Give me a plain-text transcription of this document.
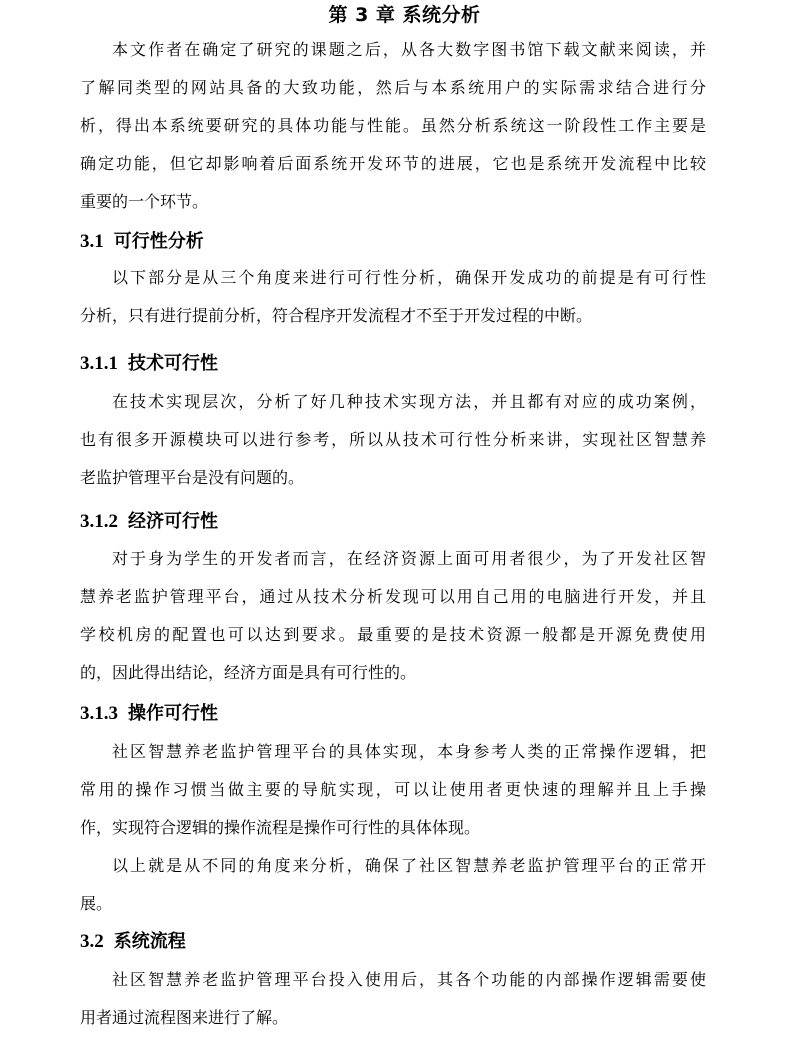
第 3 章 系统分析
本文作者在确定了研究的课题之后，从各大数字图书馆下载文献来阅读，并
了解同类型的网站具备的大致功能，然后与本系统用户的实际需求结合进行分
析，得出本系统要研究的具体功能与性能。虽然分析系统这一阶段性工作主要是
确定功能，但它却影响着后面系统开发环节的进展，它也是系统开发流程中比较
重要的一个环节。
3.1 可行性分析
以下部分是从三个角度来进行可行性分析，确保开发成功的前提是有可行性
分析，只有进行提前分析，符合程序开发流程才不至于开发过程的中断。
3.1.1 技术可行性
在技术实现层次，分析了好几种技术实现方法，并且都有对应的成功案例，
也有很多开源模块可以进行参考，所以从技术可行性分析来讲，实现社区智慧养
老监护管理平台是没有问题的。
3.1.2 经济可行性
对于身为学生的开发者而言，在经济资源上面可用者很少，为了开发社区智
慧养老监护管理平台，通过从技术分析发现可以用自己用的电脑进行开发，并且
学校机房的配置也可以达到要求。最重要的是技术资源一般都是开源免费使用
的，因此得出结论，经济方面是具有可行性的。
3.1.3 操作可行性
社区智慧养老监护管理平台的具体实现，本身参考人类的正常操作逻辑，把
常用的操作习惯当做主要的导航实现，可以让使用者更快速的理解并且上手操
作，实现符合逻辑的操作流程是操作可行性的具体体现。
以上就是从不同的角度来分析，确保了社区智慧养老监护管理平台的正常开
展。
3.2 系统流程
社区智慧养老监护管理平台投入使用后，其各个功能的内部操作逻辑需要使
用者通过流程图来进行了解。
